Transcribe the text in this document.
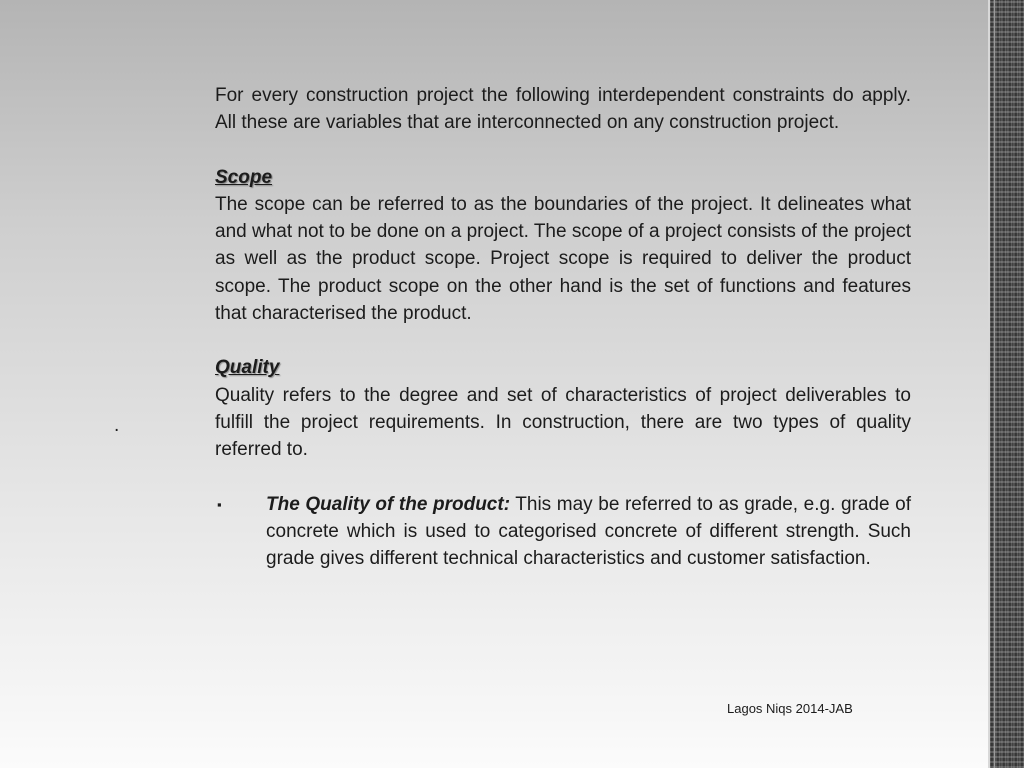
.

For every construction project the following interdependent constraints do apply. All these are variables that are interconnected on any construction project.

Scope

The scope can be referred to as the boundaries of the project. It delineates what and what not to be done on a project. The scope of a project consists of the project as well as the product scope. Project scope is required to deliver the product scope. The product scope on the other hand is the set of functions and features that characterised the product.

Quality

Quality refers to the degree and set of characteristics of project deliverables to fulfill the project requirements. In construction, there are two types of quality referred to.

▪ The Quality of the product: This may be referred to as grade, e.g. grade of concrete which is used to categorised concrete of different strength. Such grade gives different technical characteristics and customer satisfaction.

Lagos Niqs 2014-JAB
